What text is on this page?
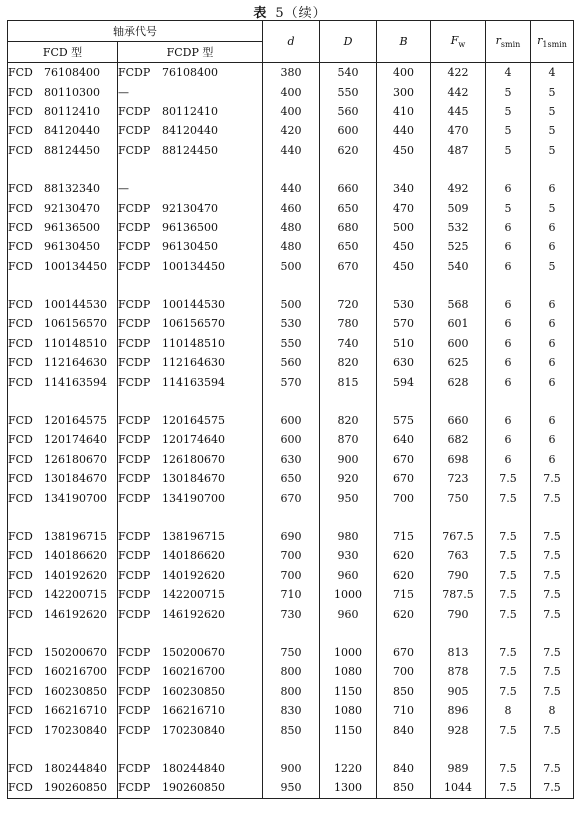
表 5（续）
轴承代号		d	D	B	$F_w$	$r_{smin}$	$r_{1smin}$
FCD 型	FCDP 型						
FCD 76108400	FCDP 76108400	380	540	400	422	4	4
FCD 80110300	—	400	550	300	442	5	5
FCD 80112410	FCDP 80112410	400	560	410	445	5	5
FCD 84120440	FCDP 84120440	420	600	440	470	5	5
FCD 88124450	FCDP 88124450	440	620	450	487	5	5

FCD 88132340	—	440	660	340	492	6	6
FCD 92130470	FCDP 92130470	460	650	470	509	5	5
FCD 96136500	FCDP 96136500	480	680	500	532	6	6
FCD 96130450	FCDP 96130450	480	650	450	525	6	6
FCD 100134450	FCDP 100134450	500	670	450	540	6	5

FCD 100144530	FCDP 100144530	500	720	530	568	6	6
FCD 106156570	FCDP 106156570	530	780	570	601	6	6
FCD 110148510	FCDP 110148510	550	740	510	600	6	6
FCD 112164630	FCDP 112164630	560	820	630	625	6	6
FCD 114163594	FCDP 114163594	570	815	594	628	6	6

FCD 120164575	FCDP 120164575	600	820	575	660	6	6
FCD 120174640	FCDP 120174640	600	870	640	682	6	6
FCD 126180670	FCDP 126180670	630	900	670	698	6	6
FCD 130184670	FCDP 130184670	650	920	670	723	7.5	7.5
FCD 134190700	FCDP 134190700	670	950	700	750	7.5	7.5

FCD 138196715	FCDP 138196715	690	980	715	767.5	7.5	7.5
FCD 140186620	FCDP 140186620	700	930	620	763	7.5	7.5
FCD 140192620	FCDP 140192620	700	960	620	790	7.5	7.5
FCD 142200715	FCDP 142200715	710	1000	715	787.5	7.5	7.5
FCD 146192620	FCDP 146192620	730	960	620	790	7.5	7.5

FCD 150200670	FCDP 150200670	750	1000	670	813	7.5	7.5
FCD 160216700	FCDP 160216700	800	1080	700	878	7.5	7.5
FCD 160230850	FCDP 160230850	800	1150	850	905	7.5	7.5
FCD 166216710	FCDP 166216710	830	1080	710	896	8	8
FCD 170230840	FCDP 170230840	850	1150	840	928	7.5	7.5

FCD 180244840	FCDP 180244840	900	1220	840	989	7.5	7.5
FCD 190260850	FCDP 190260850	950	1300	850	1044	7.5	7.5
